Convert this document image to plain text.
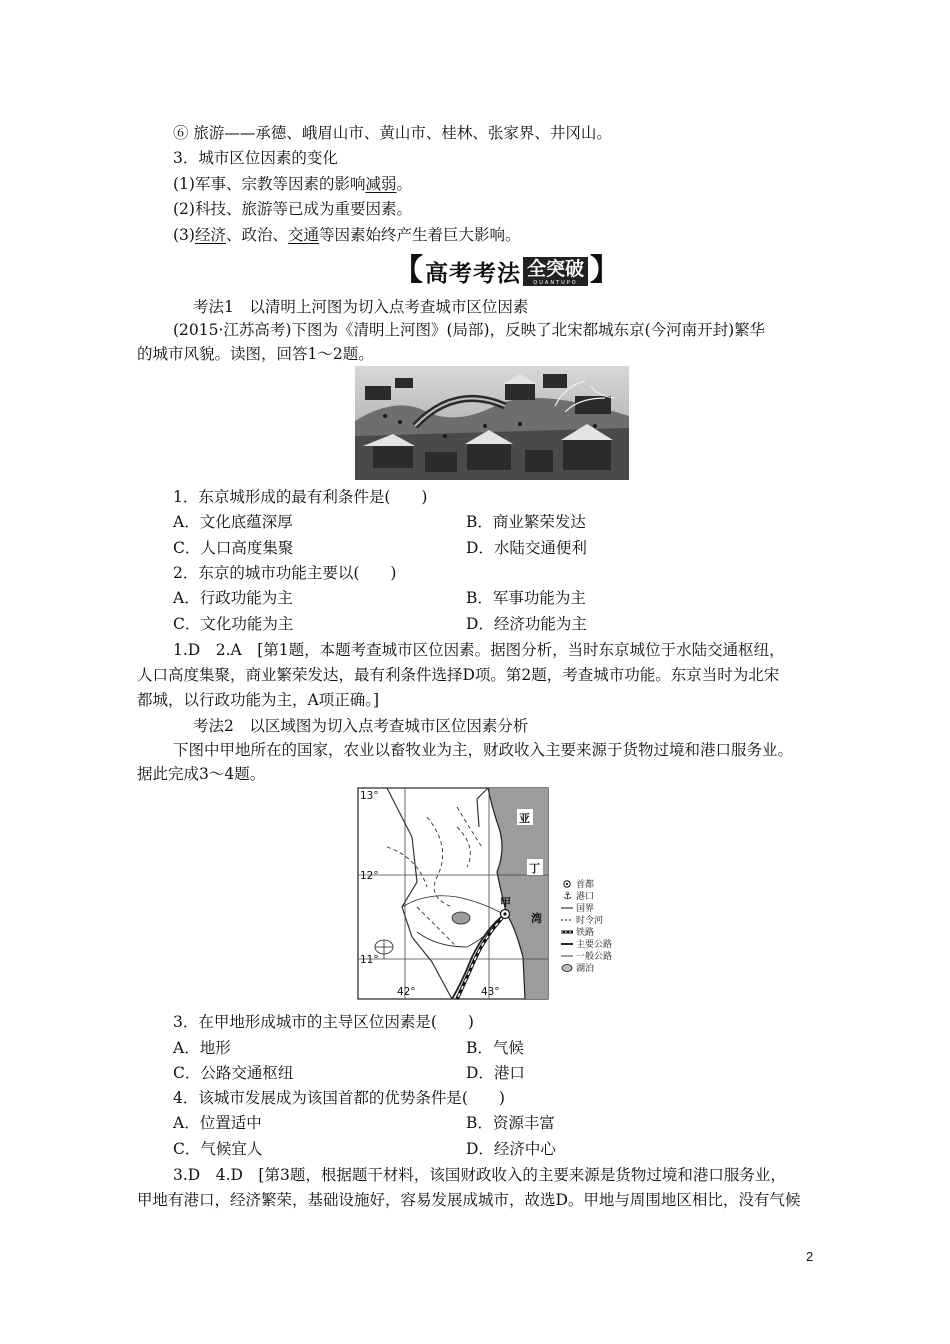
⑥ 旅游——承德、峨眉山市、黄山市、桂林、张家界、井冈山。
3．城市区位因素的变化
(1)军事、宗教等因素的影响减弱。
(2)科技、旅游等已成为重要因素。
(3)经济、政治、交通等因素始终产生着巨大影响。
【 高考考法 全突破
QUANTUPO 】
考法1　以清明上河图为切入点考查城市区位因素
(2015·江苏高考)下图为《清明上河图》(局部)，反映了北宋都城东京(今河南开封)繁华
的城市风貌。读图，回答1～2题。
1．东京城形成的最有利条件是(　　)
A．文化底蕴深厚	B．商业繁荣发达
C．人口高度集聚	D．水陆交通便利
2．东京的城市功能主要以(　　)
A．行政功能为主	B．军事功能为主
C．文化功能为主	D．经济功能为主
1.D　2.A　[第1题，本题考查城市区位因素。据图分析，当时东京城位于水陆交通枢纽，
人口高度集聚，商业繁荣发达，最有利条件选择D项。第2题，考查城市功能。东京当时为北宋
都城，以行政功能为主，A项正确。]
考法2　以区域图为切入点考查城市区位因素分析
下图中甲地所在的国家，农业以畜牧业为主，财政收入主要来源于货物过境和港口服务业。
据此完成3～4题。
13°
12°
11°
42°	43°
亚
丁
湾
甲
首都
⚓ 港口
国界
时令河
铁路
主要公路
一般公路
湖泊
3．在甲地形成城市的主导区位因素是(　　)
A．地形	B．气候
C．公路交通枢纽	D．港口
4．该城市发展成为该国首都的优势条件是(　　)
A．位置适中	B．资源丰富
C．气候宜人	D．经济中心
3.D　4.D　[第3题，根据题干材料，该国财政收入的主要来源是货物过境和港口服务业，
甲地有港口，经济繁荣，基础设施好，容易发展成城市，故选D。甲地与周围地区相比，没有气候
2
